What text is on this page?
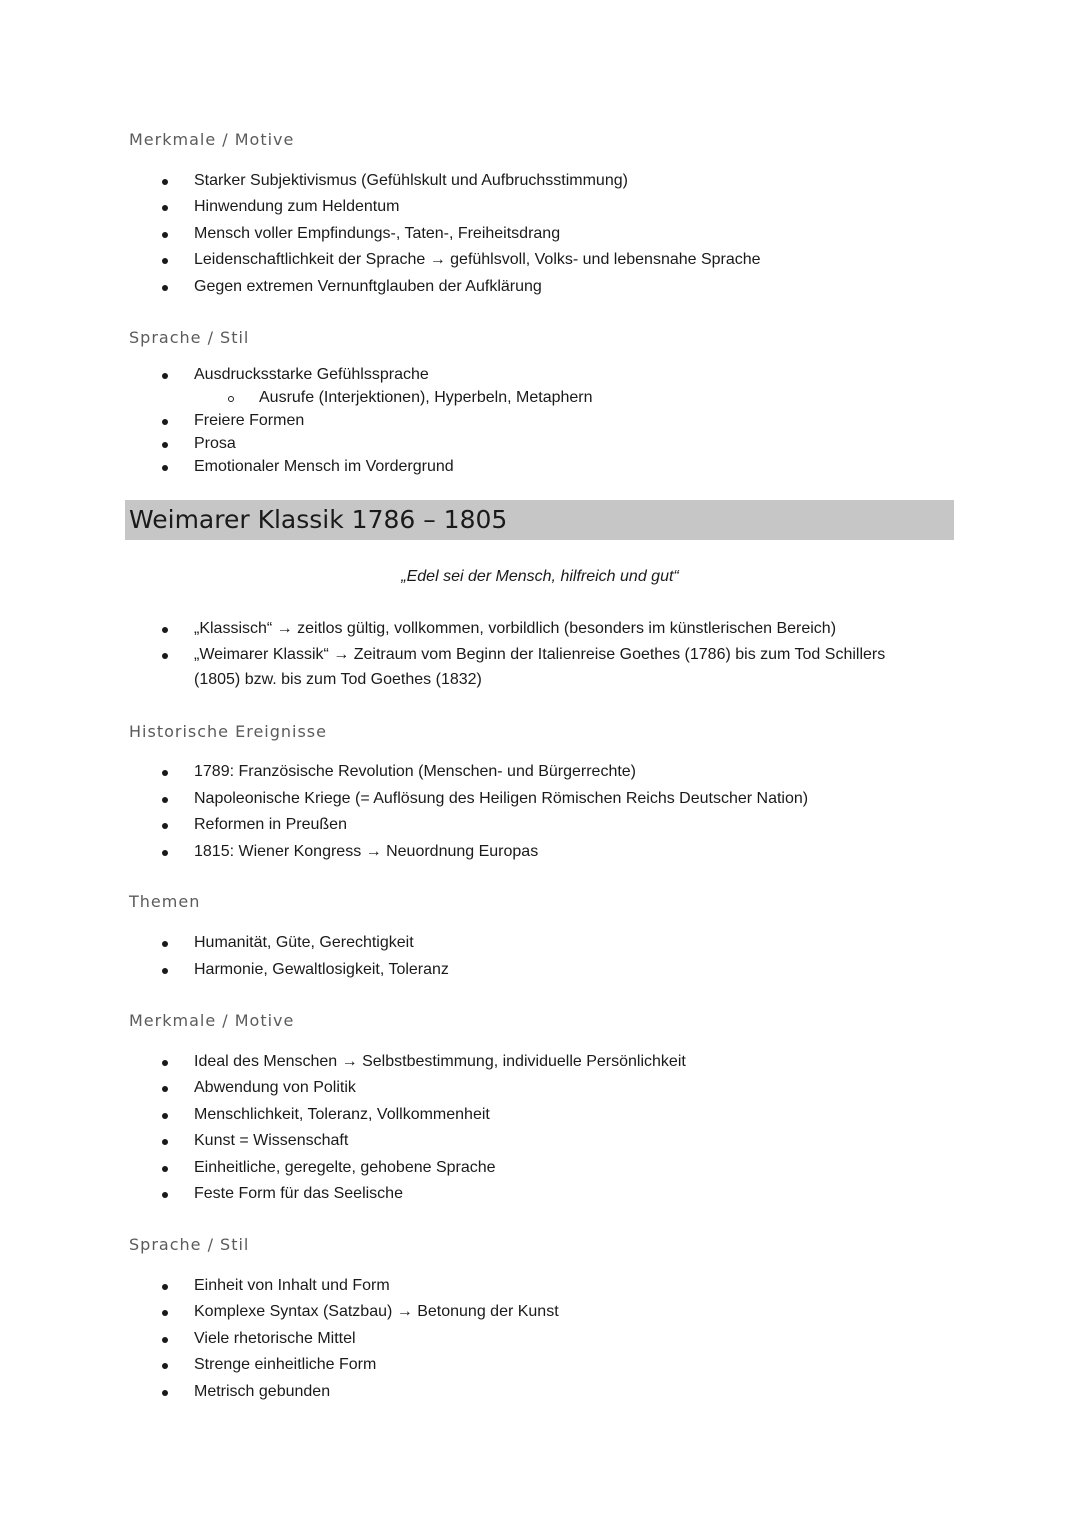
Merkmale / Motive
Starker Subjektivismus (Gefühlskult und Aufbruchsstimmung)
Hinwendung zum Heldentum
Mensch voller Empfindungs-, Taten-, Freiheitsdrang
Leidenschaftlichkeit der Sprache → gefühlsvoll, Volks- und lebensnahe Sprache
Gegen extremen Vernunftglauben der Aufklärung
Sprache / Stil
Ausdrucksstarke Gefühlssprache
Ausrufe (Interjektionen), Hyperbeln, Metaphern
Freiere Formen
Prosa
Emotionaler Mensch im Vordergrund
Weimarer Klassik 1786 – 1805
„Edel sei der Mensch, hilfreich und gut“
„Klassisch“ → zeitlos gültig, vollkommen, vorbildlich (besonders im künstlerischen Bereich)
„Weimarer Klassik“ → Zeitraum vom Beginn der Italienreise Goethes (1786) bis zum Tod Schillers
(1805) bzw. bis zum Tod Goethes (1832)
Historische Ereignisse
1789: Französische Revolution (Menschen- und Bürgerrechte)
Napoleonische Kriege (= Auflösung des Heiligen Römischen Reichs Deutscher Nation)
Reformen in Preußen
1815: Wiener Kongress → Neuordnung Europas
Themen
Humanität, Güte, Gerechtigkeit
Harmonie, Gewaltlosigkeit, Toleranz
Merkmale / Motive
Ideal des Menschen → Selbstbestimmung, individuelle Persönlichkeit
Abwendung von Politik
Menschlichkeit, Toleranz, Vollkommenheit
Kunst = Wissenschaft
Einheitliche, geregelte, gehobene Sprache
Feste Form für das Seelische
Sprache / Stil
Einheit von Inhalt und Form
Komplexe Syntax (Satzbau) → Betonung der Kunst
Viele rhetorische Mittel
Strenge einheitliche Form
Metrisch gebunden
